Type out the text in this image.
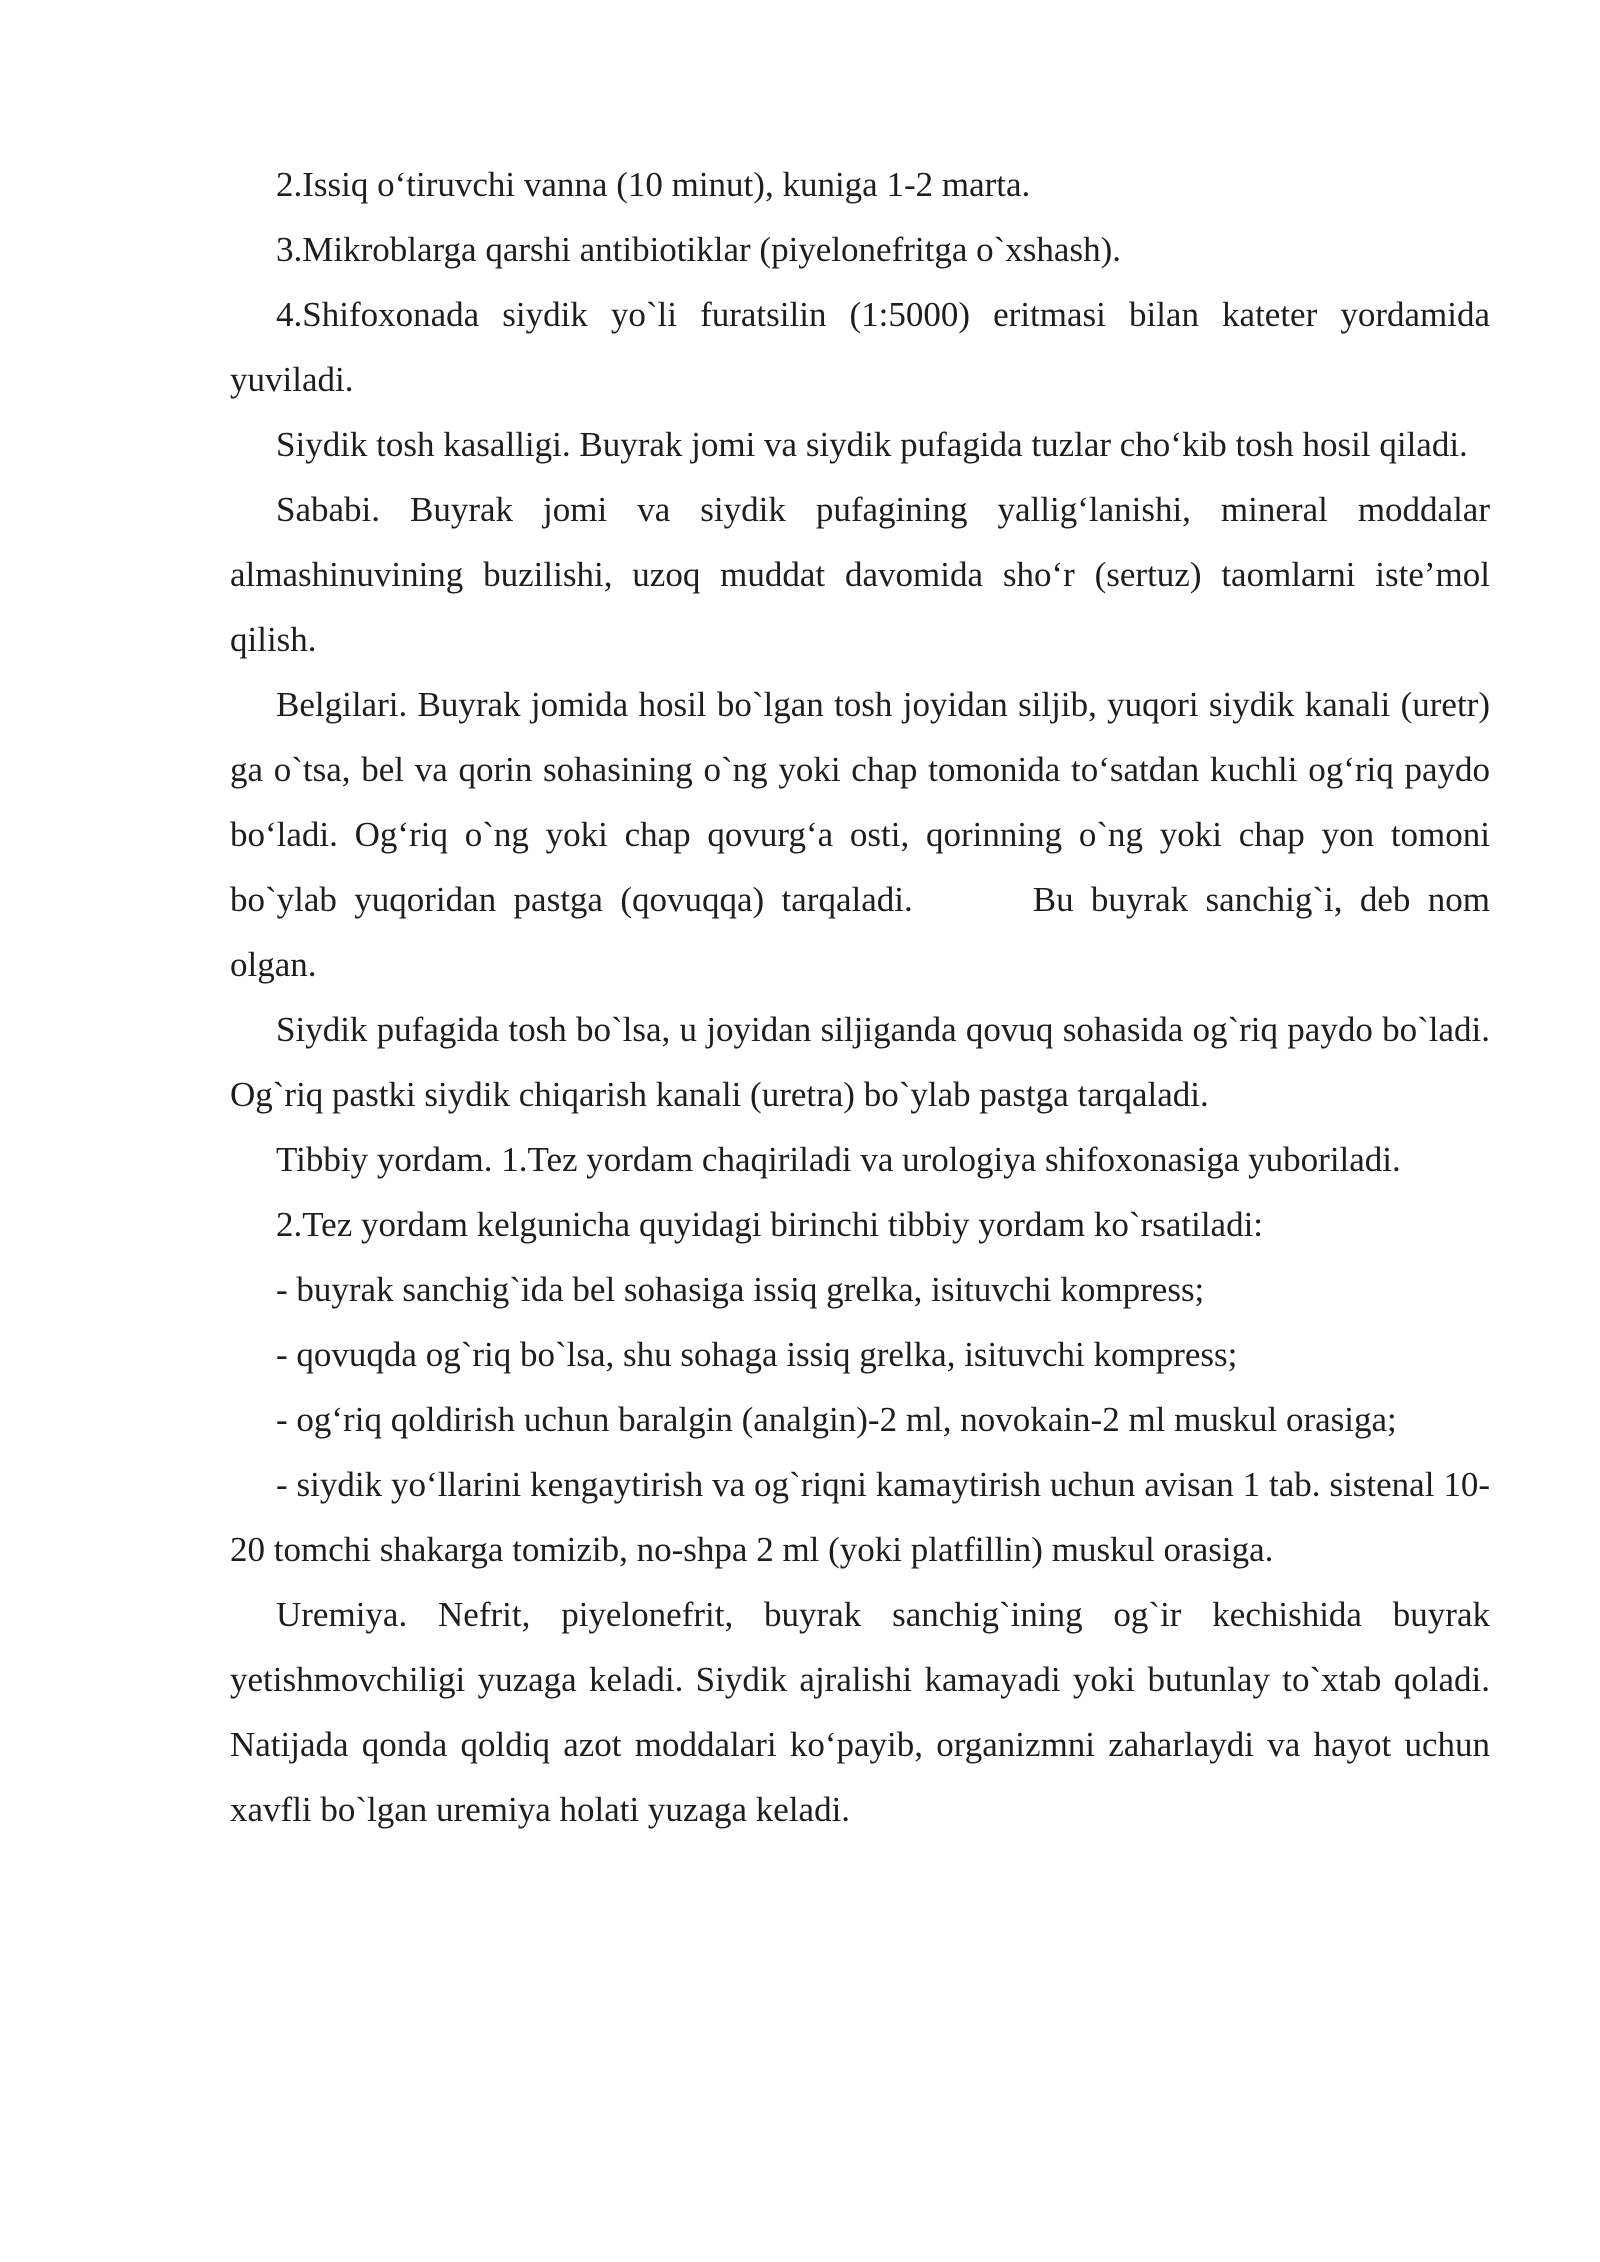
2.Issiq o‘tiruvchi vanna (10 minut), kuniga 1-2 marta.

3.Mikroblarga qarshi antibiotiklar (piyelonefritga o`xshash).

4.Shifoxonada siydik yo`li furatsilin (1:5000) eritmasi bilan kateter yordamida yuviladi.

Siydik tosh kasalligi. Buyrak jomi va siydik pufagida tuzlar cho‘kib tosh hosil qiladi.

Sababi. Buyrak jomi va siydik pufagining yallig‘lanishi, mineral moddalar almashinuvining buzilishi, uzoq muddat davomida sho‘r (sertuz) taomlarni iste’mol qilish.

Belgilari. Buyrak jomida hosil bo`lgan tosh joyidan siljib, yuqori siydik kanali (uretr) ga o`tsa, bel va qorin sohasining o`ng yoki chap tomonida to‘satdan kuchli og‘riq paydo bo‘ladi. Og‘riq o`ng yoki chap qovurg‘a osti, qorinning o`ng yoki chap yon tomoni bo`ylab yuqoridan pastga (qovuqqa) tarqaladi.	Bu buyrak sanchig`i, deb nom olgan.

Siydik pufagida tosh bo`lsa, u joyidan siljiganda qovuq sohasida og`riq paydo bo`ladi. Og`riq pastki siydik chiqarish kanali (uretra) bo`ylab pastga tarqaladi.

Tibbiy yordam. 1.Tez yordam chaqiriladi va urologiya shifoxonasiga yuboriladi.

2.Tez yordam kelgunicha quyidagi birinchi tibbiy yordam ko`rsatiladi:

- buyrak sanchig`ida bel sohasiga issiq grelka, isituvchi kompress;

- qovuqda og`riq bo`lsa, shu sohaga issiq grelka, isituvchi kompress;

- og‘riq qoldirish uchun baralgin (analgin)-2 ml, novokain-2 ml muskul orasiga;

- siydik yo‘llarini kengaytirish va og`riqni kamaytirish uchun avisan 1 tab. sistenal 10-20 tomchi shakarga tomizib, no-shpa 2 ml (yoki platfillin) muskul orasiga.

Uremiya. Nefrit, piyelonefrit, buyrak sanchig`ining og`ir kechishida buyrak yetishmovchiligi yuzaga keladi. Siydik ajralishi kamayadi yoki butunlay to`xtab qoladi. Natijada qonda qoldiq azot moddalari ko‘payib, organizmni zaharlaydi va hayot uchun xavfli bo`lgan uremiya holati yuzaga keladi.
